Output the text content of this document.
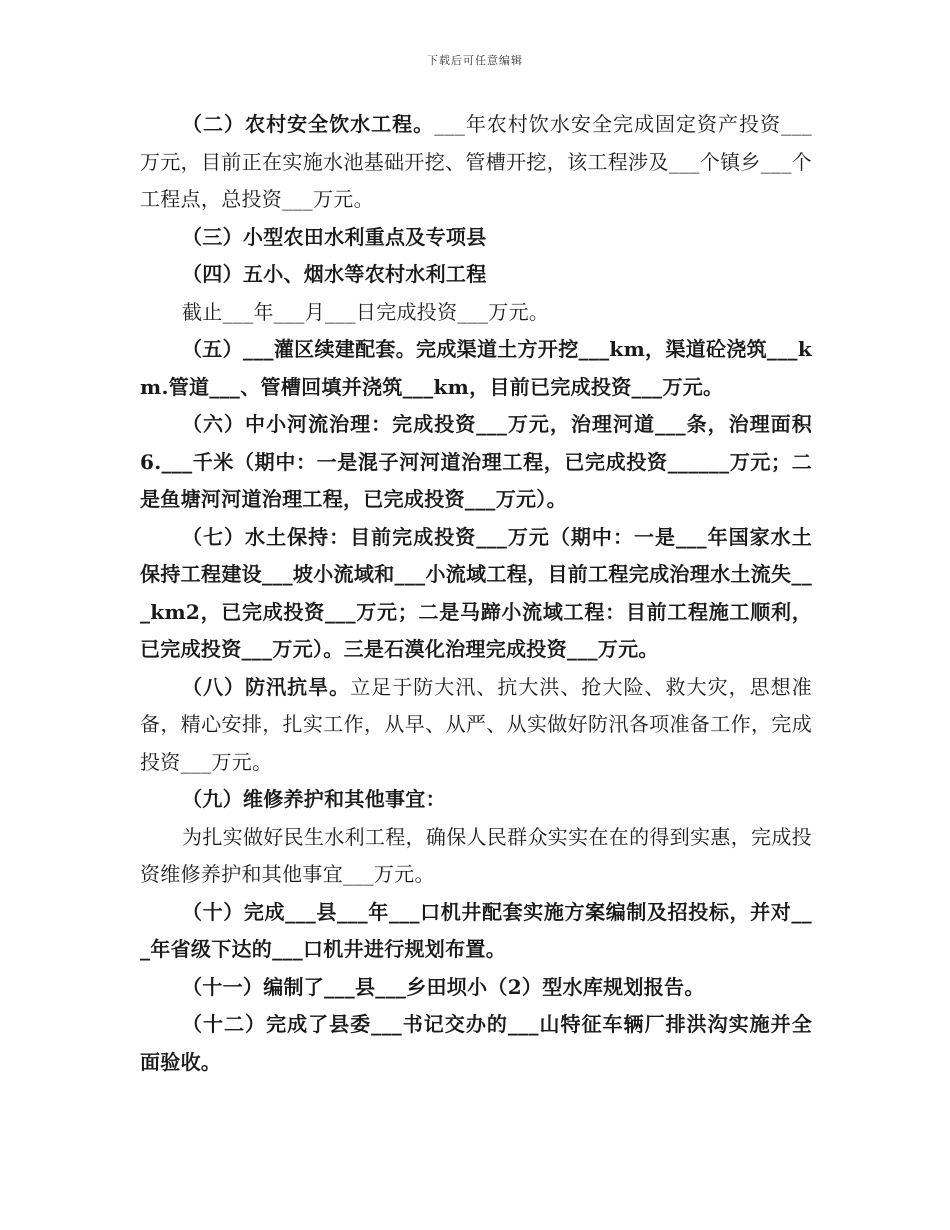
下载后可任意编辑

（二）农村安全饮水工程。___年农村饮水安全完成固定资产投资___万元，目前正在实施水池基础开挖、管槽开挖，该工程涉及___个镇乡___个工程点，总投资___万元。

（三）小型农田水利重点及专项县

（四）五小、烟水等农村水利工程

截止___年___月___日完成投资___万元。

（五）___灌区续建配套。完成渠道土方开挖___km，渠道砼浇筑___km.管道___、管槽回填并浇筑___km，目前已完成投资___万元。

（六）中小河流治理：完成投资___万元，治理河道___条，治理面积6.___千米（期中：一是混子河河道治理工程，已完成投资______万元；二是鱼塘河河道治理工程，已完成投资___万元）。

（七）水土保持：目前完成投资___万元（期中：一是___年国家水土保持工程建设___坡小流域和___小流域工程，目前工程完成治理水土流失___km2，已完成投资___万元；二是马蹄小流域工程：目前工程施工顺利，已完成投资___万元）。三是石漠化治理完成投资___万元。

（八）防汛抗旱。立足于防大汛、抗大洪、抢大险、救大灾，思想准备，精心安排，扎实工作，从早、从严、从实做好防汛各项准备工作，完成投资___万元。

（九）维修养护和其他事宜：

为扎实做好民生水利工程，确保人民群众实实在在的得到实惠，完成投资维修养护和其他事宜___万元。

（十）完成___县___年___口机井配套实施方案编制及招投标，并对___年省级下达的___口机井进行规划布置。

（十一）编制了___县___乡田坝小（2）型水库规划报告。

（十二）完成了县委___书记交办的___山特征车辆厂排洪沟实施并全面验收。
